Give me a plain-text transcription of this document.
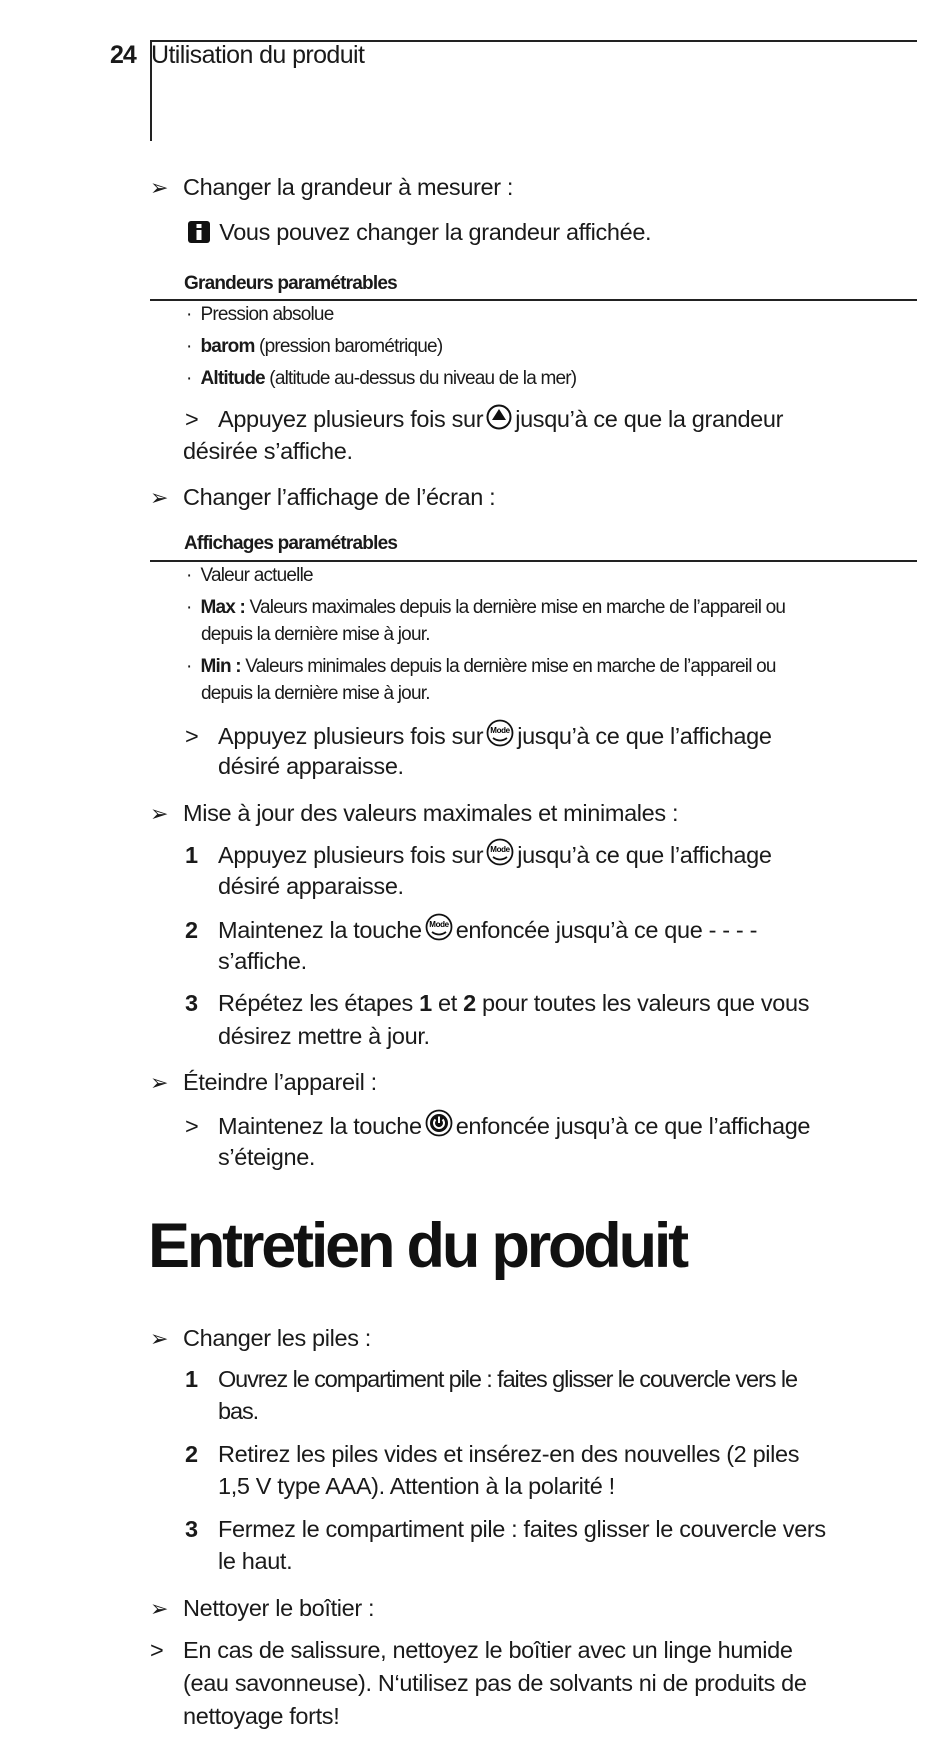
24 Utilisation du produit
➢ Changer la grandeur à mesurer :
Vous pouvez changer la grandeur affichée.
Grandeurs paramétrables
· Pression absolue
· barom (pression barométrique)
· Altitude (altitude au-dessus du niveau de la mer)
> Appuyez plusieurs fois sur jusqu’à ce que la grandeur
désirée s’affiche.
➢ Changer l’affichage de l’écran :
Affichages paramétrables
· Valeur actuelle
· Max : Valeurs maximales depuis la dernière mise en marche de l’appareil ou
depuis la dernière mise à jour.
· Min : Valeurs minimales depuis la dernière mise en marche de l’appareil ou
depuis la dernière mise à jour.
> Appuyez plusieurs fois sur Mode jusqu’à ce que l’affichage
désiré apparaisse.
➢ Mise à jour des valeurs maximales et minimales :
1 Appuyez plusieurs fois sur Mode jusqu’à ce que l’affichage
désiré apparaisse.
2 Maintenez la touche Mode enfoncée jusqu’à ce que - - - -
s’affiche.
3 Répétez les étapes 1 et 2 pour toutes les valeurs que vous
désirez mettre à jour.
➢ Éteindre l’appareil :
> Maintenez la touche enfoncée jusqu’à ce que l’affichage
s’éteigne.
Entretien du produit
➢ Changer les piles :
1 Ouvrez le compartiment pile : faites glisser le couvercle vers le
bas.
2 Retirez les piles vides et insérez-en des nouvelles (2 piles
1,5 V type AAA). Attention à la polarité !
3 Fermez le compartiment pile : faites glisser le couvercle vers
le haut.
➢ Nettoyer le boîtier :
> En cas de salissure, nettoyez le boîtier avec un linge humide
(eau savonneuse). N‘utilisez pas de solvants ni de produits de
nettoyage forts!
